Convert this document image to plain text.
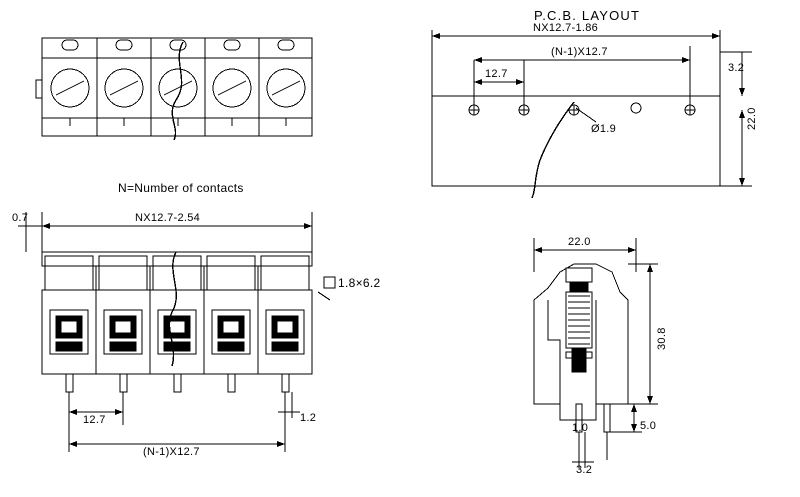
P.C.B. LAYOUT
NX12.7-1.86
(N-1)X12.7
12.7	3.2
22.0
Ø1.9
N=Number of contacts
0.7	NX12.7-2.54
1.8×6.2
12.7	1.2
(N-1)X12.7
22.0
30.8
1.0	5.0
3.2
